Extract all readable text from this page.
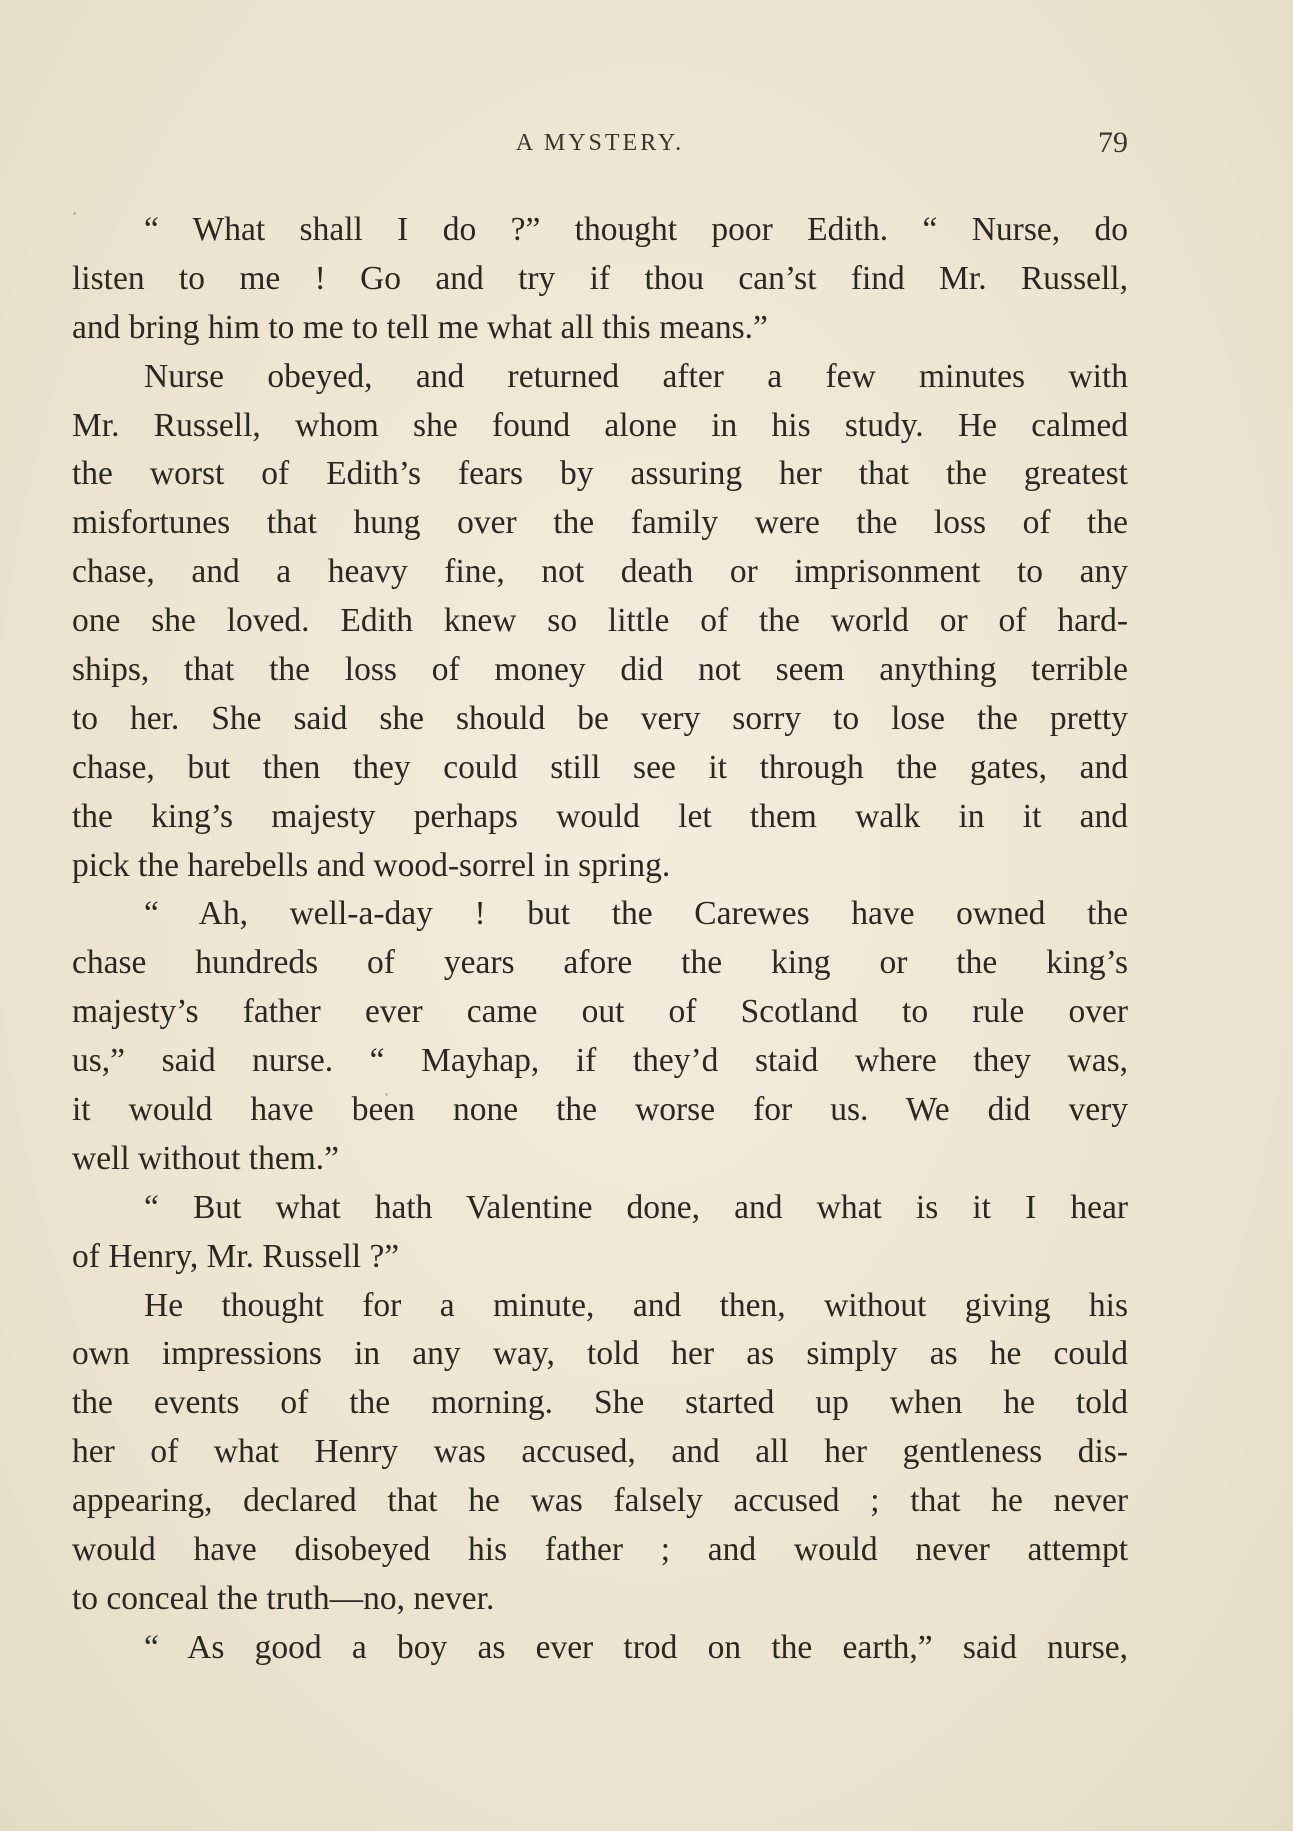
A MYSTERY.	79
“ What shall I do ?” thought poor Edith. “ Nurse, do
listen to me ! Go and try if thou can’st find Mr. Russell,
and bring him to me to tell me what all this means.”
Nurse obeyed, and returned after a few minutes with
Mr. Russell, whom she found alone in his study. He calmed
the worst of Edith’s fears by assuring her that the greatest
misfortunes that hung over the family were the loss of the
chase, and a heavy fine, not death or imprisonment to any
one she loved. Edith knew so little of the world or of hard-
ships, that the loss of money did not seem anything terrible
to her. She said she should be very sorry to lose the pretty
chase, but then they could still see it through the gates, and
the king’s majesty perhaps would let them walk in it and
pick the harebells and wood-sorrel in spring.
“ Ah, well-a-day ! but the Carewes have owned the
chase hundreds of years afore the king or the king’s
majesty’s father ever came out of Scotland to rule over
us,” said nurse. “ Mayhap, if they’d staid where they was,
it would have been none the worse for us. We did very
well without them.”
“ But what hath Valentine done, and what is it I hear
of Henry, Mr. Russell ?”
He thought for a minute, and then, without giving his
own impressions in any way, told her as simply as he could
the events of the morning. She started up when he told
her of what Henry was accused, and all her gentleness dis-
appearing, declared that he was falsely accused ; that he never
would have disobeyed his father ; and would never attempt
to conceal the truth—no, never.
“ As good a boy as ever trod on the earth,” said nurse,
